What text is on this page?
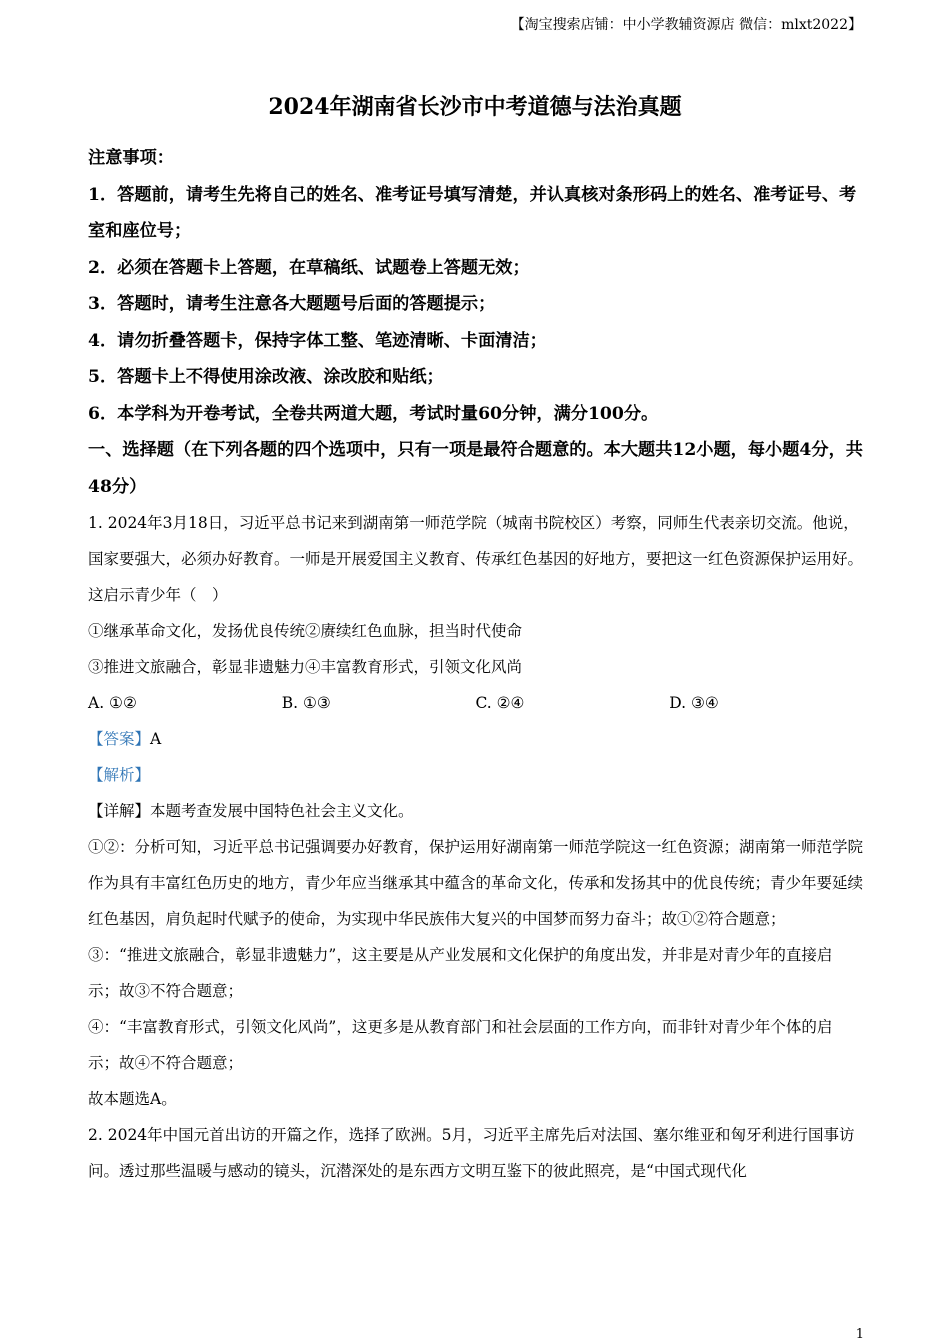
【淘宝搜索店铺：中小学教辅资源店 微信：mlxt2022】
2024年湖南省长沙市中考道德与法治真题
注意事项：
1．答题前，请考生先将自己的姓名、准考证号填写清楚，并认真核对条形码上的姓名、准考证号、考室和座位号；
2．必须在答题卡上答题，在草稿纸、试题卷上答题无效；
3．答题时，请考生注意各大题题号后面的答题提示；
4．请勿折叠答题卡，保持字体工整、笔迹清晰、卡面清洁；
5．答题卡上不得使用涂改液、涂改胶和贴纸；
6．本学科为开卷考试，全卷共两道大题，考试时量60分钟，满分100分。
一、选择题（在下列各题的四个选项中，只有一项是最符合题意的。本大题共12小题，每小题4分，共48分）
1. 2024年3月18日，习近平总书记来到湖南第一师范学院（城南书院校区）考察，同师生代表亲切交流。他说，国家要强大，必须办好教育。一师是开展爱国主义教育、传承红色基因的好地方，要把这一红色资源保护运用好。这启示青少年（　）
①继承革命文化，发扬优良传统②赓续红色血脉，担当时代使命
③推进文旅融合，彰显非遗魅力④丰富教育形式，引领文化风尚
A. ①②	B. ①③	C. ②④	D. ③④
【答案】A
【解析】
【详解】本题考查发展中国特色社会主义文化。
①②：分析可知，习近平总书记强调要办好教育，保护运用好湖南第一师范学院这一红色资源；湖南第一师范学院作为具有丰富红色历史的地方，青少年应当继承其中蕴含的革命文化，传承和发扬其中的优良传统；青少年要延续红色基因，肩负起时代赋予的使命，为实现中华民族伟大复兴的中国梦而努力奋斗；故①②符合题意；
③：“推进文旅融合，彰显非遗魅力”，这主要是从产业发展和文化保护的角度出发，并非是对青少年的直接启示；故③不符合题意；
④：“丰富教育形式，引领文化风尚”，这更多是从教育部门和社会层面的工作方向，而非针对青少年个体的启示；故④不符合题意；
故本题选A。
2. 2024年中国元首出访的开篇之作，选择了欧洲。5月，习近平主席先后对法国、塞尔维亚和匈牙利进行国事访问。透过那些温暖与感动的镜头，沉潜深处的是东西方文明互鉴下的彼此照亮，是“中国式现代化
1
